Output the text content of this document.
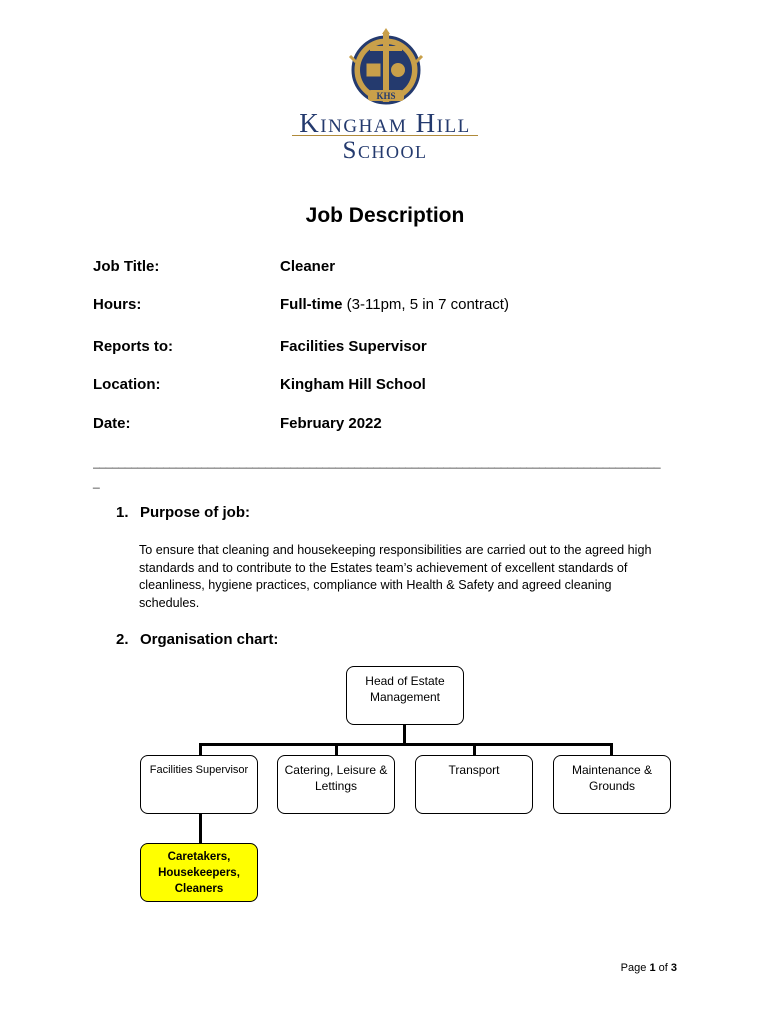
KHS
Kingham Hill
School
Job Description
Job Title:	Cleaner
Hours:	Full-time (3-11pm, 5 in 7 contract)
Reports to:	Facilities Supervisor
Location:	Kingham Hill School
Date:	February 2022
_________________________________________________________________________________________
_
1. Purpose of job:
To ensure that cleaning and housekeeping responsibilities are carried out to the agreed high standards and to contribute to the Estates team’s achievement of excellent standards of cleanliness, hygiene practices, compliance with Health & Safety and agreed cleaning schedules.
2. Organisation chart:
Head of Estate Management
Facilities Supervisor	Catering, Leisure & Lettings
Transport	Maintenance & Grounds
Caretakers, Housekeepers, Cleaners
Page 1 of 3
